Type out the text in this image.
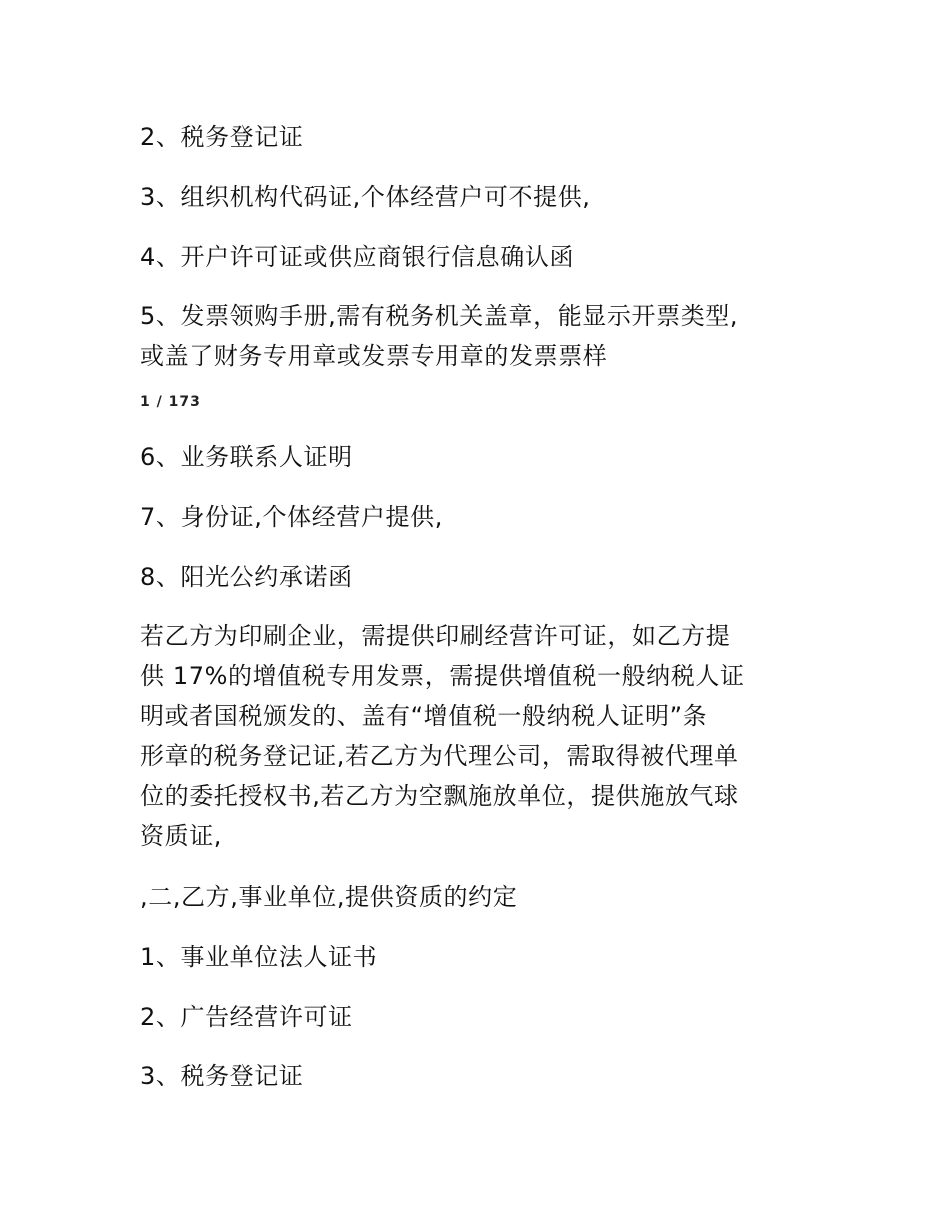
2、税务登记证
3、组织机构代码证,个体经营户可不提供,
4、开户许可证或供应商银行信息确认函
5、发票领购手册,需有税务机关盖章，能显示开票类型,
或盖了财务专用章或发票专用章的发票票样
1 / 173
6、业务联系人证明
7、身份证,个体经营户提供,
8、阳光公约承诺函
若乙方为印刷企业，需提供印刷经营许可证，如乙方提
供 17%的增值税专用发票，需提供增值税一般纳税人证
明或者国税颁发的、盖有“增值税一般纳税人证明”条
形章的税务登记证,若乙方为代理公司，需取得被代理单
位的委托授权书,若乙方为空飘施放单位，提供施放气球
资质证,
,二,乙方,事业单位,提供资质的约定
1、事业单位法人证书
2、广告经营许可证
3、税务登记证
